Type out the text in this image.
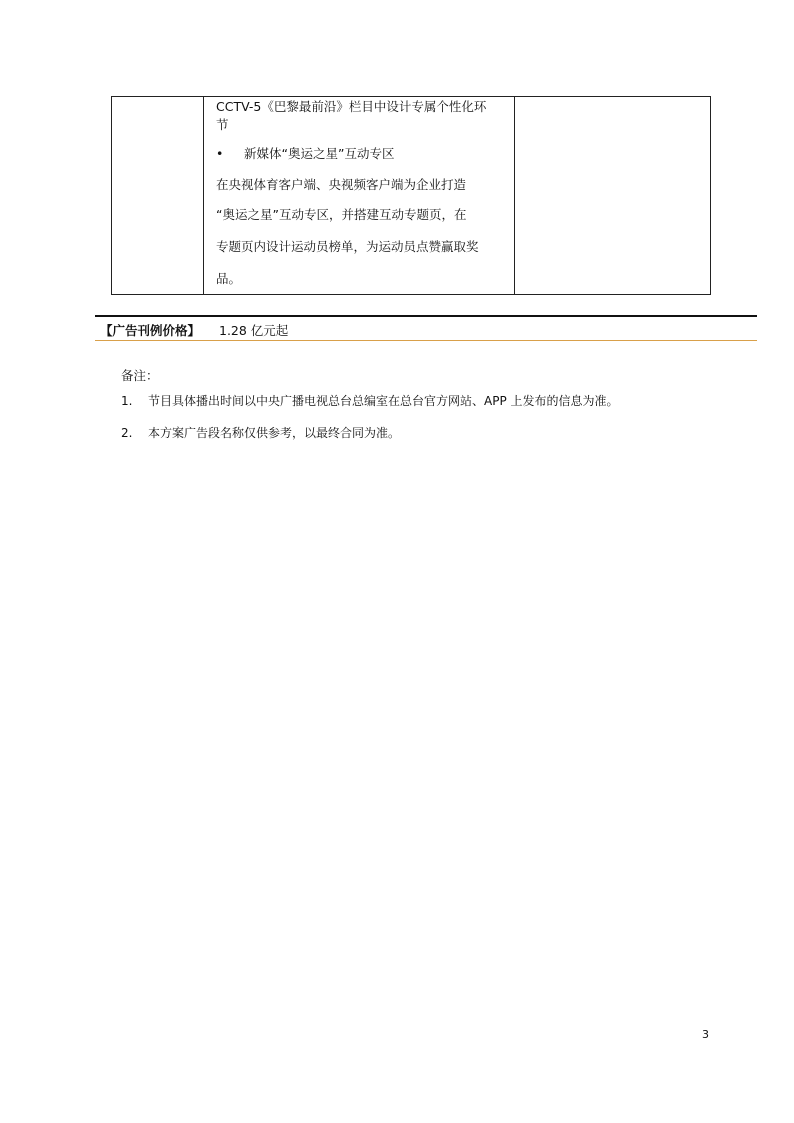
CCTV-5《巴黎最前沿》栏目中设计专属个性化环
节
• 新媒体“奥运之星”互动专区
在央视体育客户端、央视频客户端为企业打造
“奥运之星”互动专区，并搭建互动专题页，在
专题页内设计运动员榜单，为运动员点赞赢取奖
品。
【广告刊例价格】 1.28 亿元起
备注：
1. 节目具体播出时间以中央广播电视总台总编室在总台官方网站、APP 上发布的信息为准。
2. 本方案广告段名称仅供参考，以最终合同为准。
3
